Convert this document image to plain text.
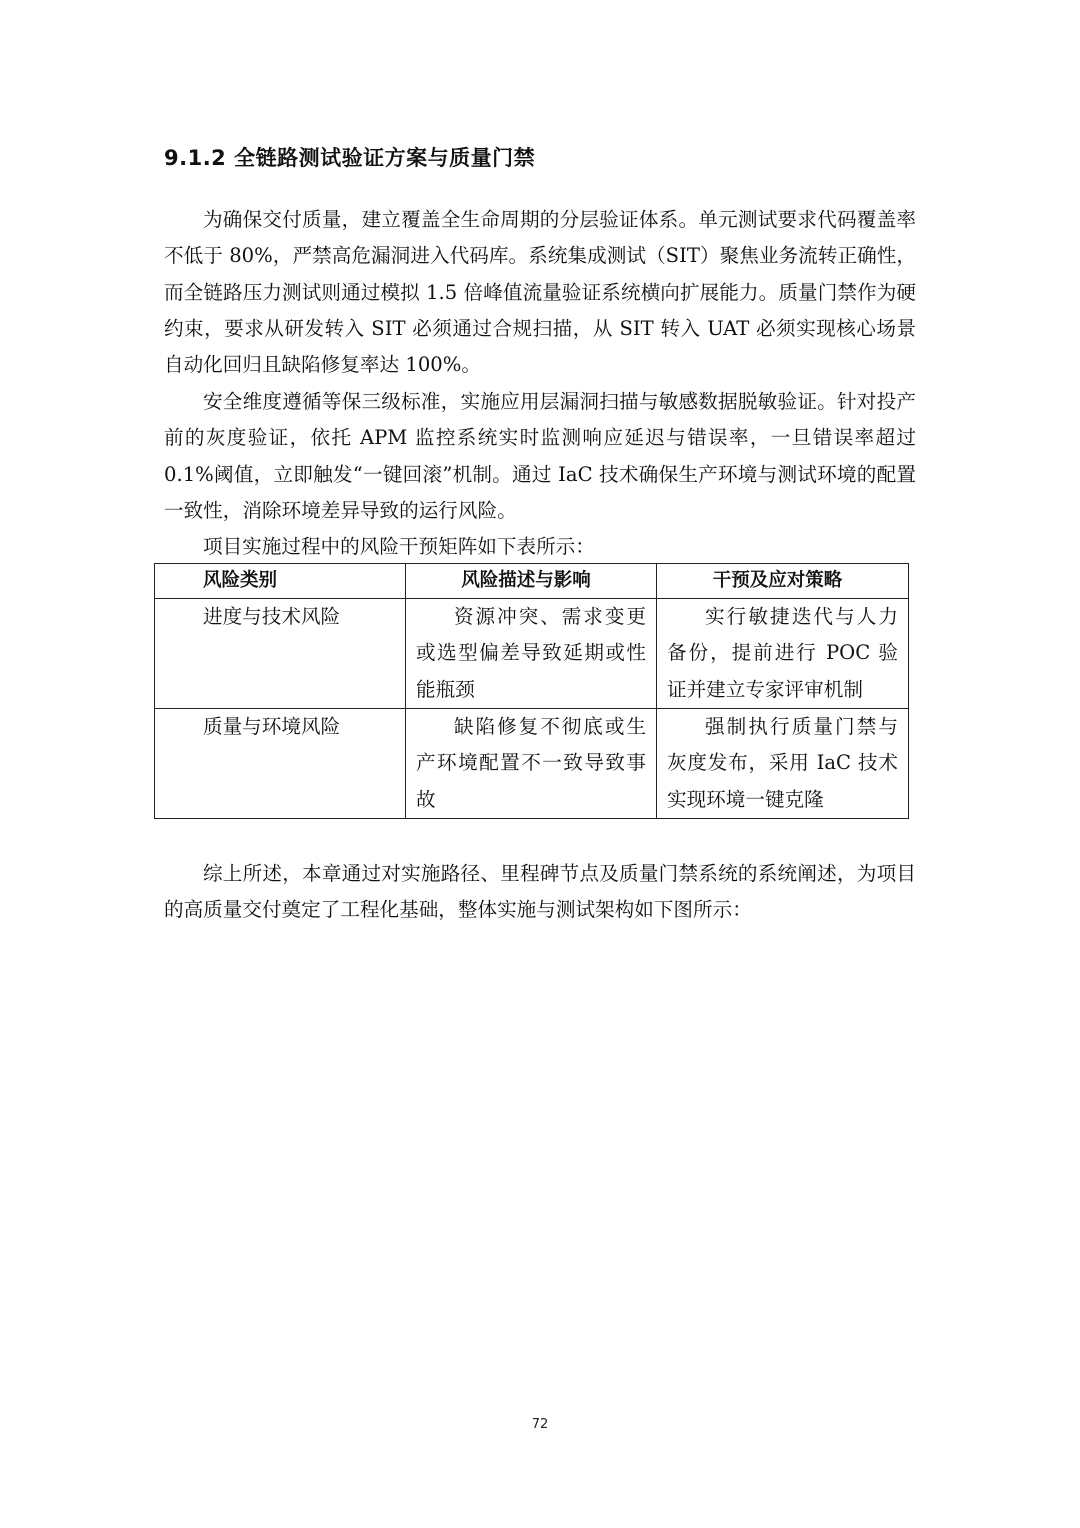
9.1.2 全链路测试验证方案与质量门禁

为确保交付质量，建立覆盖全生命周期的分层验证体系。单元测试要求代码覆盖率不低于 80%，严禁高危漏洞进入代码库。系统集成测试（SIT）聚焦业务流转正确性，而全链路压力测试则通过模拟 1.5 倍峰值流量验证系统横向扩展能力。质量门禁作为硬约束，要求从研发转入 SIT 必须通过合规扫描，从 SIT 转入 UAT 必须实现核心场景自动化回归且缺陷修复率达 100%。

安全维度遵循等保三级标准，实施应用层漏洞扫描与敏感数据脱敏验证。针对投产前的灰度验证，依托 APM 监控系统实时监测响应延迟与错误率，一旦错误率超过 0.1%阈值，立即触发“一键回滚”机制。通过 IaC 技术确保生产环境与测试环境的配置一致性，消除环境差异导致的运行风险。

项目实施过程中的风险干预矩阵如下表所示：

风险类别	风险描述与影响	干预及应对策略
进度与技术风险	资源冲突、需求变更或选型偏差导致延期或性能瓶颈	实行敏捷迭代与人力备份，提前进行 POC 验证并建立专家评审机制

质量与环境风险	缺陷修复不彻底或生产环境配置不一致导致事故	强制执行质量门禁与灰度发布，采用 IaC 技术实现环境一键克隆

综上所述，本章通过对实施路径、里程碑节点及质量门禁系统的系统阐述，为项目的高质量交付奠定了工程化基础，整体实施与测试架构如下图所示：

72
